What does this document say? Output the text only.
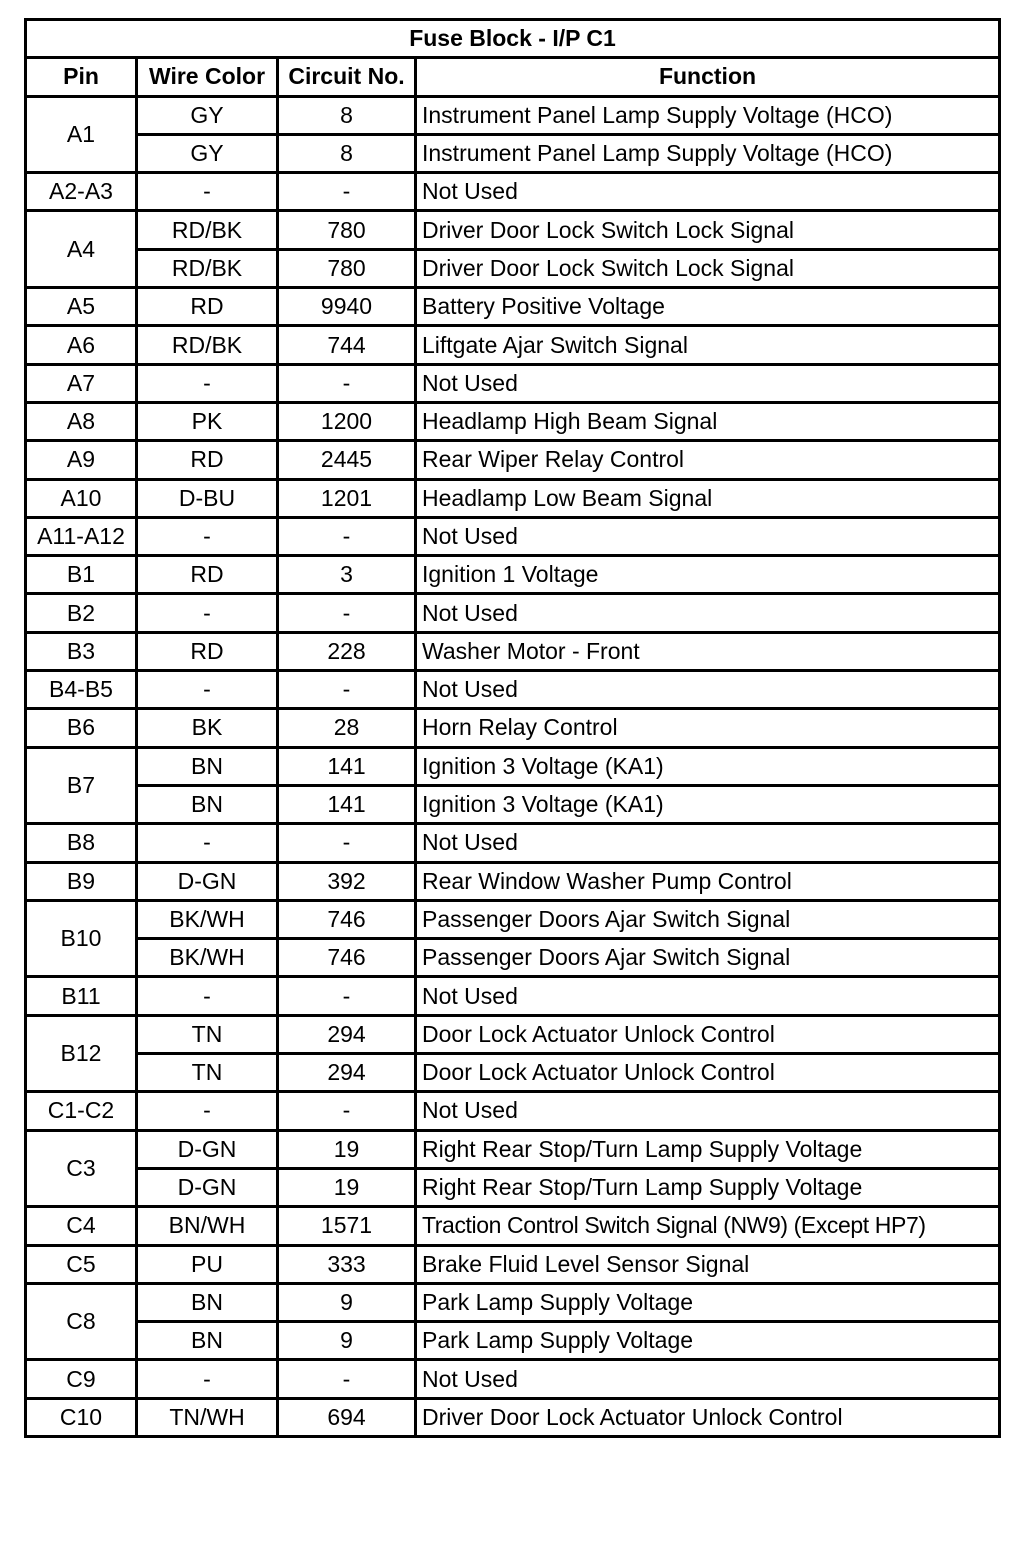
Fuse Block - I/P C1			
Pin	Wire Color	Circuit No.	Function
A1	GY	8	Instrument Panel Lamp Supply Voltage (HCO)
	GY	8	Instrument Panel Lamp Supply Voltage (HCO)
A2-A3	-	-	Not Used
A4	RD/BK	780	Driver Door Lock Switch Lock Signal
	RD/BK	780	Driver Door Lock Switch Lock Signal
A5	RD	9940	Battery Positive Voltage
A6	RD/BK	744	Liftgate Ajar Switch Signal
A7	-	-	Not Used
A8	PK	1200	Headlamp High Beam Signal
A9	RD	2445	Rear Wiper Relay Control
A10	D-BU	1201	Headlamp Low Beam Signal
A11-A12	-	-	Not Used
B1	RD	3	Ignition 1 Voltage
B2	-	-	Not Used
B3	RD	228	Washer Motor - Front
B4-B5	-	-	Not Used
B6	BK	28	Horn Relay Control
B7	BN	141	Ignition 3 Voltage (KA1)
	BN	141	Ignition 3 Voltage (KA1)
B8	-	-	Not Used
B9	D-GN	392	Rear Window Washer Pump Control
B10	BK/WH	746	Passenger Doors Ajar Switch Signal
	BK/WH	746	Passenger Doors Ajar Switch Signal
B11	-	-	Not Used
B12	TN	294	Door Lock Actuator Unlock Control
	TN	294	Door Lock Actuator Unlock Control
C1-C2	-	-	Not Used
C3	D-GN	19	Right Rear Stop/Turn Lamp Supply Voltage
	D-GN	19	Right Rear Stop/Turn Lamp Supply Voltage
C4	BN/WH	1571	Traction Control Switch Signal (NW9) (Except HP7)
C5	PU	333	Brake Fluid Level Sensor Signal
C8	BN	9	Park Lamp Supply Voltage
	BN	9	Park Lamp Supply Voltage
C9	-	-	Not Used
C10	TN/WH	694	Driver Door Lock Actuator Unlock Control
